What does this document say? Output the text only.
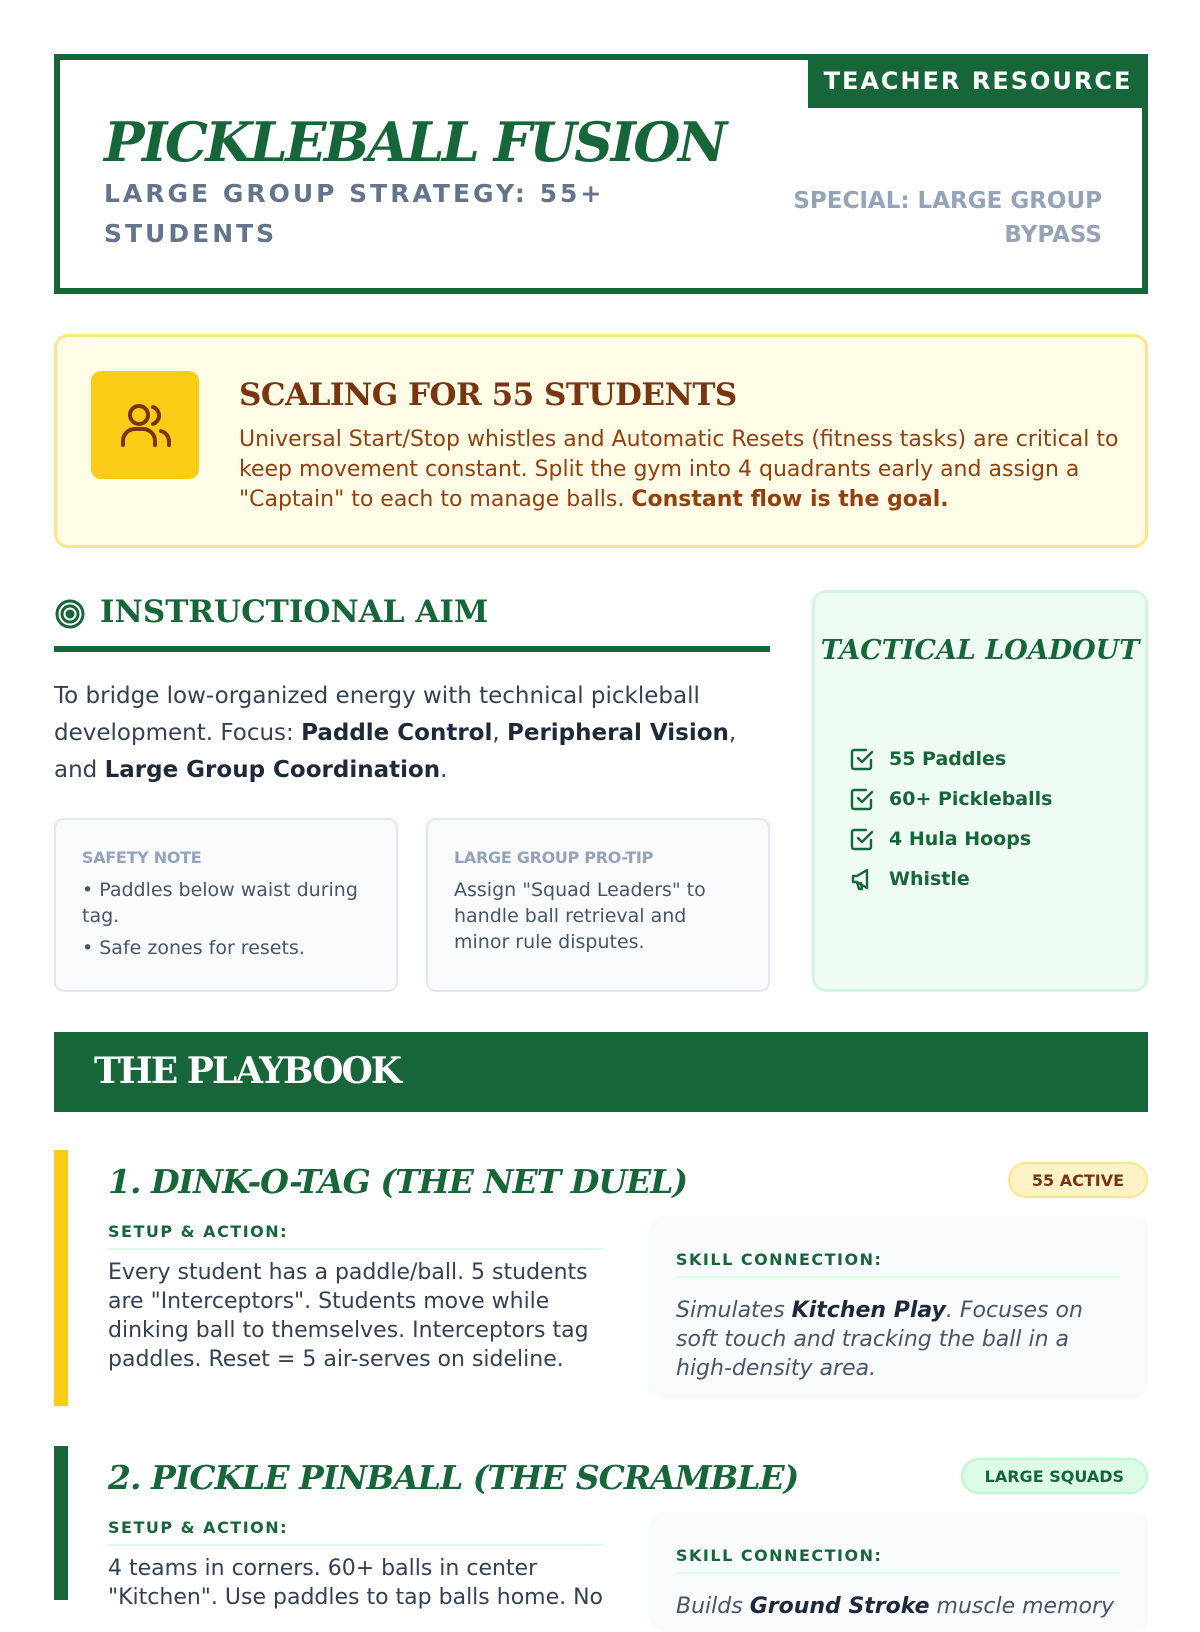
TEACHER RESOURCE
PICKLEBALL FUSION
LARGE GROUP STRATEGY: 55+ STUDENTS
SPECIAL: LARGE GROUP BYPASS
SCALING FOR 55 STUDENTS

Universal Start/Stop whistles and Automatic Resets (fitness tasks) are critical to keep movement constant. Split the gym into 4 quadrants early and assign a "Captain" to each to manage balls. Constant flow is the goal.

INSTRUCTIONAL AIM
To bridge low-organized energy with technical pickleball development. Focus: Paddle Control, Peripheral Vision, and Large Group Coordination.
SAFETY NOTE
• Paddles below waist during tag.
• Safe zones for resets.
LARGE GROUP PRO-TIP
Assign "Squad Leaders" to handle ball retrieval and minor rule disputes.
TACTICAL LOADOUT
55 Paddles
60+ Pickleballs
4 Hula Hoops
Whistle
THE PLAYBOOK
1. DINK-O-TAG (THE NET DUEL)	55 ACTIVE
SETUP & ACTION:
Every student has a paddle/ball. 5 students are "Interceptors". Students move while dinking ball to themselves. Interceptors tag paddles. Reset = 5 air-serves on sideline.
SKILL CONNECTION:
Simulates Kitchen Play. Focuses on soft touch and tracking the ball in a high-density area.
2. PICKLE PINBALL (THE SCRAMBLE)	LARGE SQUADS
SETUP & ACTION:
4 teams in corners. 60+ balls in center "Kitchen". Use paddles to tap balls home. No
SKILL CONNECTION:
Builds Ground Stroke muscle memory
